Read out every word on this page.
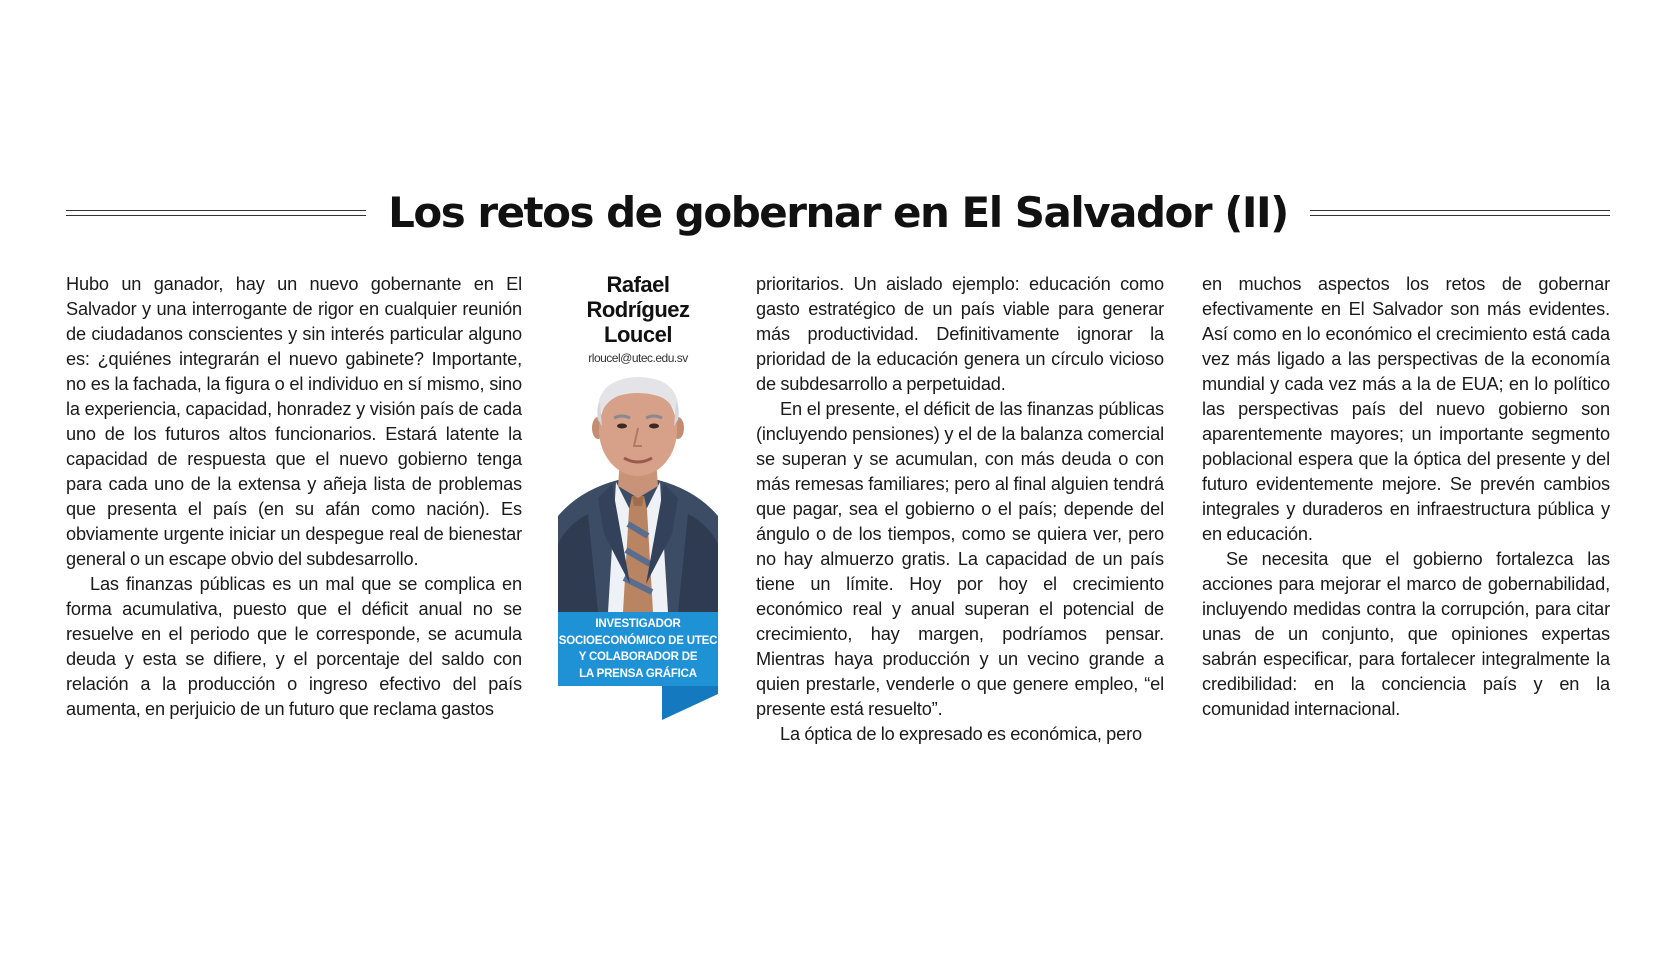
Los retos de gobernar en El Salvador (II)

Hubo un ganador, hay un nuevo gobernante en El Salvador y una interrogante de rigor en cualquier reunión de ciudadanos conscientes y sin interés particular alguno es: ¿quiénes integrarán el nuevo gabinete? Importante, no es la fachada, la figura o el individuo en sí mismo, sino la experiencia, capacidad, honradez y visión país de cada uno de los futuros altos funcionarios. Estará latente la capacidad de respuesta que el nuevo gobierno tenga para cada uno de la extensa y añeja lista de problemas que presenta el país (en su afán como nación). Es obviamente urgente iniciar un despegue real de bienestar general o un escape obvio del subdesarrollo.

Las finanzas públicas es un mal que se complica en forma acumulativa, puesto que el déficit anual no se resuelve en el periodo que le corresponde, se acumula deuda y esta se difiere, y el porcentaje del saldo con relación a la producción o ingreso efectivo del país aumenta, en perjuicio de un futuro que reclama gastos

Rafael
Rodríguez
Loucel
rloucel@utec.edu.sv
INVESTIGADOR
SOCIOECONÓMICO DE UTEC
Y COLABORADOR DE
LA PRENSA GRÁFICA

prioritarios. Un aislado ejemplo: educación como gasto estratégico de un país viable para generar más productividad. Definitivamente ignorar la prioridad de la educación genera un círculo vicioso de subdesarrollo a perpetuidad.

En el presente, el déficit de las finanzas públicas (incluyendo pensiones) y el de la balanza comercial se superan y se acumulan, con más deuda o con más remesas familiares; pero al final alguien tendrá que pagar, sea el gobierno o el país; depende del ángulo o de los tiempos, como se quiera ver, pero no hay almuerzo gratis. La capacidad de un país tiene un límite. Hoy por hoy el crecimiento económico real y anual superan el potencial de crecimiento, hay margen, podríamos pensar. Mientras haya producción y un vecino grande a quien prestarle, venderle o que genere empleo, “el presente está resuelto”.

La óptica de lo expresado es económica, pero

en muchos aspectos los retos de gobernar efectivamente en El Salvador son más evidentes. Así como en lo económico el crecimiento está cada vez más ligado a las perspectivas de la economía mundial y cada vez más a la de EUA; en lo político las perspectivas país del nuevo gobierno son aparentemente mayores; un importante segmento poblacional espera que la óptica del presente y del futuro evidentemente mejore. Se prevén cambios integrales y duraderos en infraestructura pública y en educación.

Se necesita que el gobierno fortalezca las acciones para mejorar el marco de gobernabilidad, incluyendo medidas contra la corrupción, para citar unas de un conjunto, que opiniones expertas sabrán especificar, para fortalecer integralmente la credibilidad: en la conciencia país y en la comunidad internacional.
